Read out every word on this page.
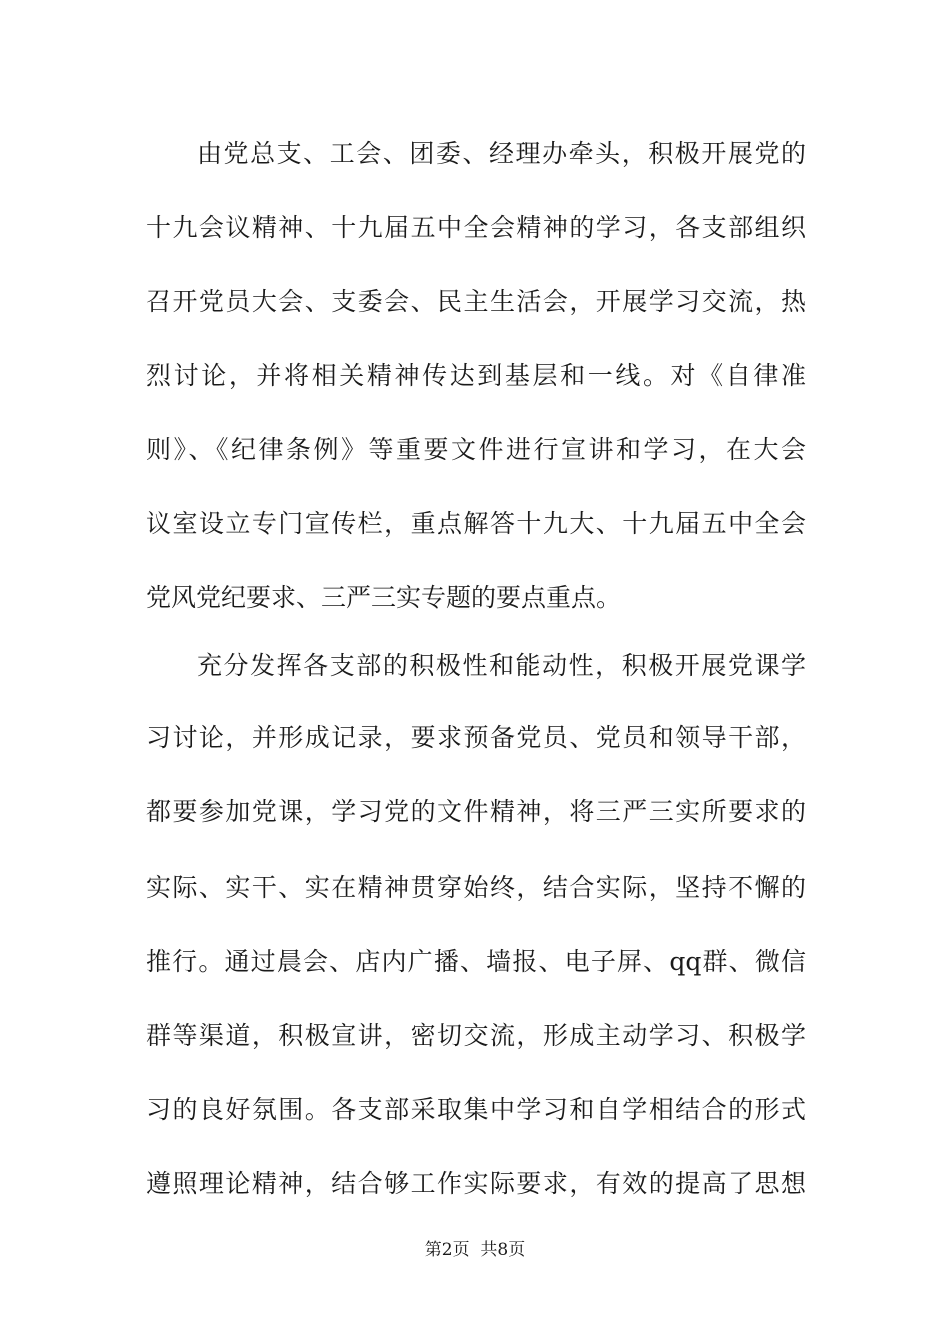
由党总支、工会、团委、经理办牵头，积极开展党的
十九会议精神、十九届五中全会精神的学习，各支部组织
召开党员大会、支委会、民主生活会，开展学习交流，热
烈讨论，并将相关精神传达到基层和一线。对《自律准
则》、《纪律条例》等重要文件进行宣讲和学习，在大会
议室设立专门宣传栏，重点解答十九大、十九届五中全会
党风党纪要求、三严三实专题的要点重点。
充分发挥各支部的积极性和能动性，积极开展党课学
习讨论，并形成记录，要求预备党员、党员和领导干部，
都要参加党课，学习党的文件精神，将三严三实所要求的
实际、实干、实在精神贯穿始终，结合实际，坚持不懈的
推行。通过晨会、店内广播、墙报、电子屏、qq群、微信
群等渠道，积极宣讲，密切交流，形成主动学习、积极学
习的良好氛围。各支部采取集中学习和自学相结合的形式
遵照理论精神，结合够工作实际要求，有效的提高了思想
第2页 共8页
